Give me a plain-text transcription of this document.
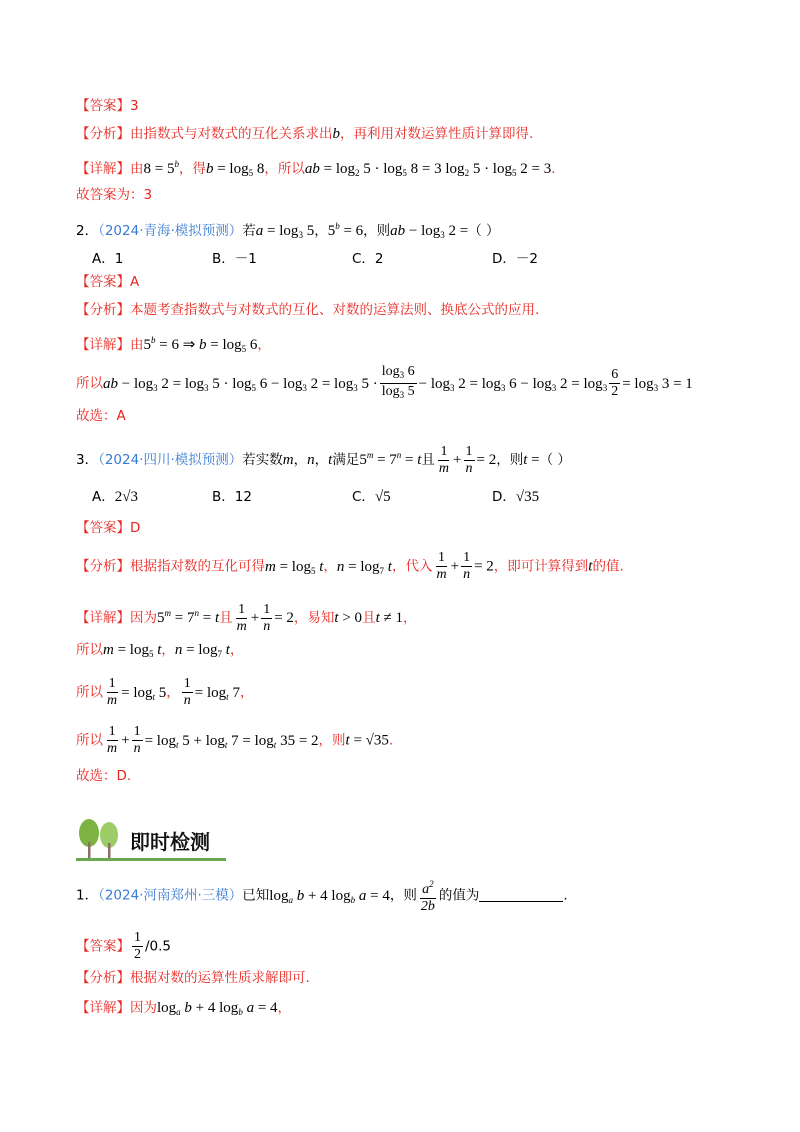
【答案】3
【分析】由指数式与对数式的互化关系求出b，再利用对数运算性质计算即得.
【详解】由$8 = 5^b$，得$b = \log_5 8$，所以ab = $\log_2 5 \cdot \log_5 8 = 3$ $\log_2 5 \cdot \log_5 2 = 3$.
故答案为：3
2．（2024·青海·模拟预测）若$a = \log_3 5$，$5^b = 6$，则ab − $\log_3 2$ =（ ）
A．1	B．－1	C．2	D．－2
【答案】A
【分析】本题考查指数式与对数式的互化、对数的运算法则、换底公式的应用.
【详解】由$5^b = 6$ ⇒ $b = \log_5 6$，
所以ab − $\log_3 2 = \log_3 5 \cdot \log_5 6 - \log_3 2 = \log_3 5 \cdot \frac{\log_3 6}{\log_3 5} - \log_3 2 = \log_3 6 - \log_3 2 = \log_3 \frac{6}{2} = \log_3 3 = 1$
故选：A
3．（2024·四川·模拟预测）若实数m，n，t满足$5^m = 7^n = t$且 $\frac{1}{m} + \frac{1}{n} = 2$，则t =（ ）
A．2√3	B．12	C．√5	D．√35
【答案】D
【分析】根据指对数的互化可得$m = \log_5 t$，$n = \log_7 t$，代入 $\frac{1}{m} + \frac{1}{n} = 2$，即可计算得到t的值.
【详解】因为$5^m = 7^n = t$且 $\frac{1}{m} + \frac{1}{n} = 2$，易知t > 0且t ≠ 1，
所以$m = \log_5 t$，$n = \log_7 t$，
所以 $\frac{1}{m} = \log_t 5$， $\frac{1}{n} = \log_t 7$，
所以 $\frac{1}{m} + \frac{1}{n} = \log_t 5 + \log_t 7 = \log_t 35 = 2$，则t = √35.
故选：D.
即时检测
1．（2024·河南郑州·三模）已知$\log_a b + 4$ $\log_b a = 4$，则 $\frac{a^2}{2b}$ 的值为	.
【答案】 $\frac{1}{2} /0.5$
【分析】根据对数的运算性质求解即可.
【详解】因为$\log_a b + 4$ $\log_b a = 4$，
